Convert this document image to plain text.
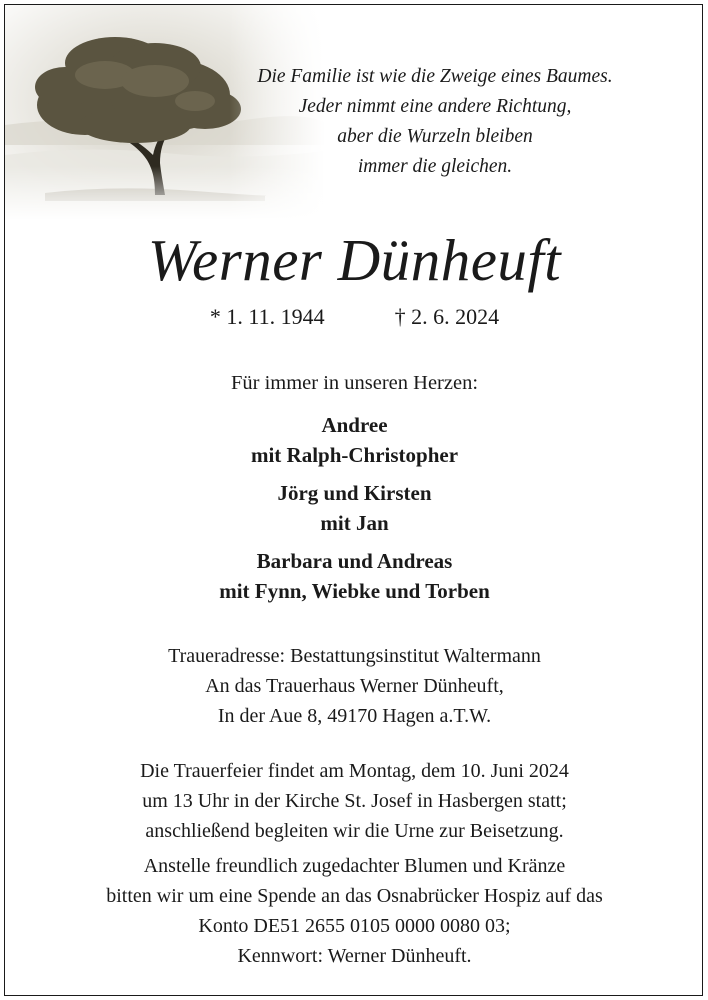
Die Familie ist wie die Zweige eines Baumes.
Jeder nimmt eine andere Richtung,
aber die Wurzeln bleiben
immer die gleichen.
Werner Dünheuft
* 1. 11. 1944	† 2. 6. 2024
Für immer in unseren Herzen:
Andree
mit Ralph-Christopher
Jörg und Kirsten
mit Jan
Barbara und Andreas
mit Fynn, Wiebke und Torben
Traueradresse: Bestattungsinstitut Waltermann
An das Trauerhaus Werner Dünheuft,
In der Aue 8, 49170 Hagen a.T.W.
Die Trauerfeier findet am Montag, dem 10. Juni 2024
um 13 Uhr in der Kirche St. Josef in Hasbergen statt;
anschließend begleiten wir die Urne zur Beisetzung.
Anstelle freundlich zugedachter Blumen und Kränze
bitten wir um eine Spende an das Osnabrücker Hospiz auf das
Konto DE51 2655 0105 0000 0080 03;
Kennwort: Werner Dünheuft.
